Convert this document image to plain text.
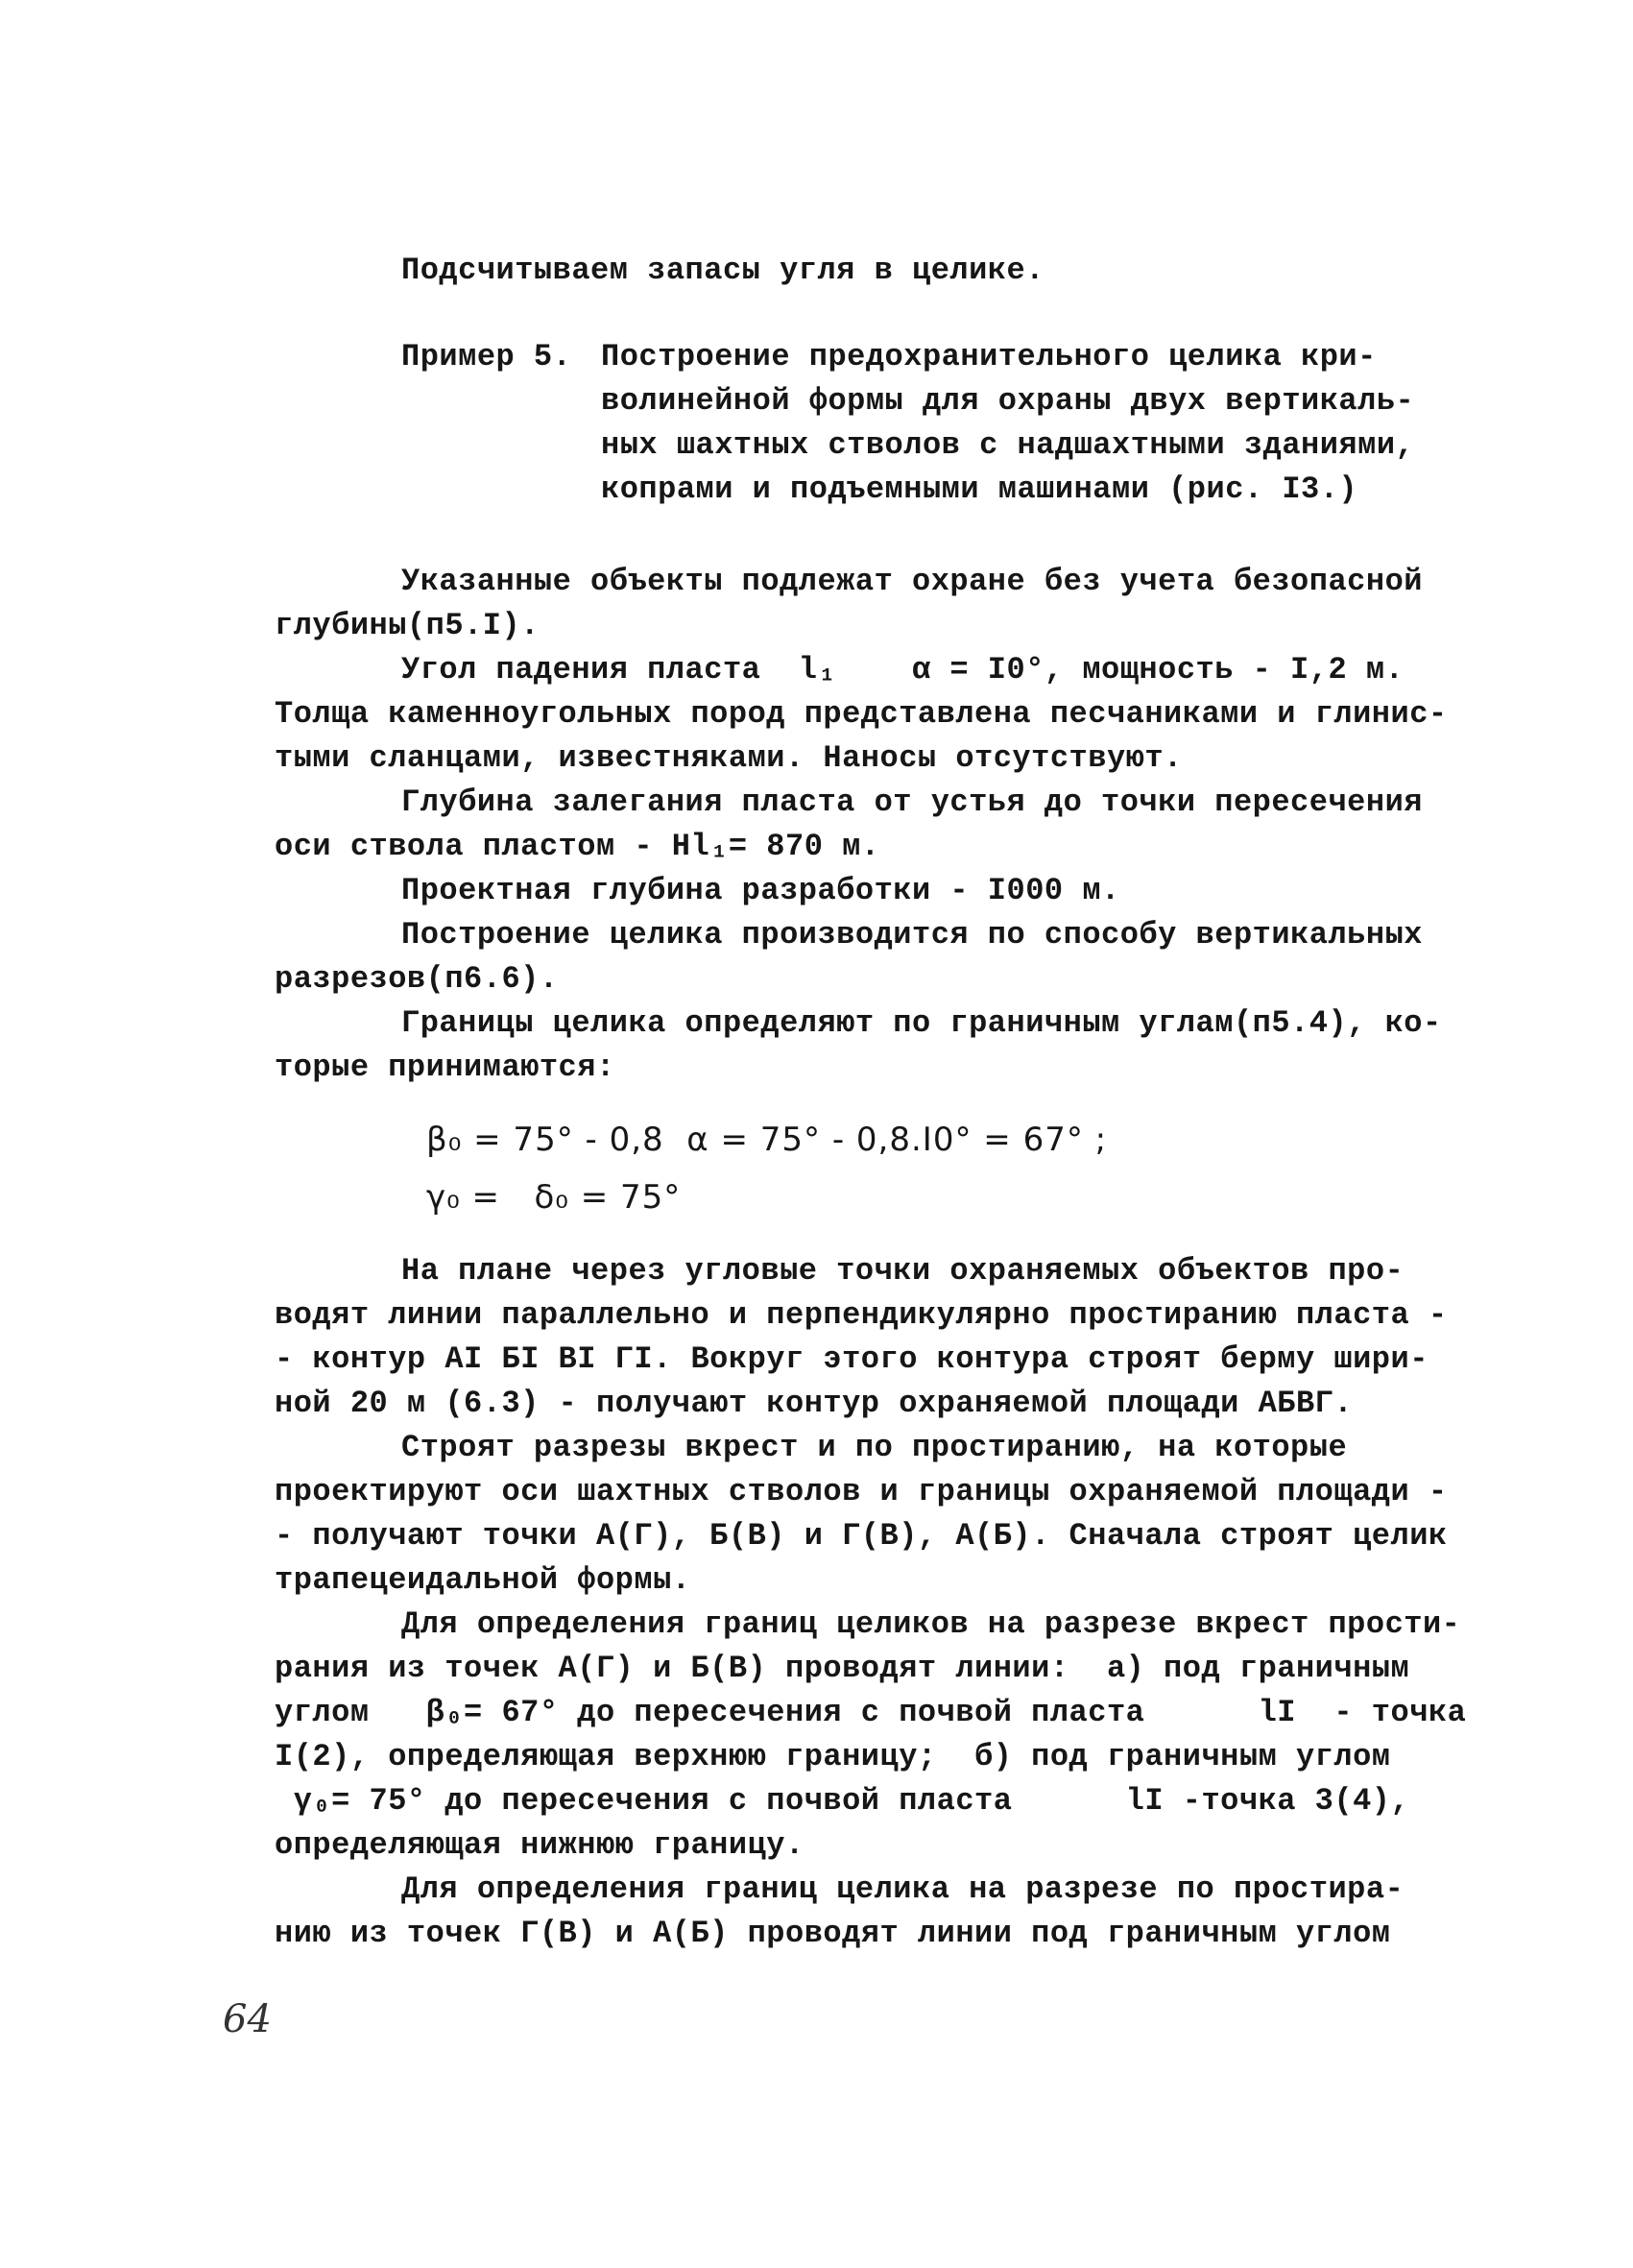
Подсчитываем запасы угля в целике.
Пример 5. Построение предохранительного целика кри-
волинейной формы для охраны двух вертикаль-
ных шахтных стволов с надшахтными зданиями,
копрами и подъемными машинами (рис. I3.)
Указанные объекты подлежат охране без учета безопасной
глубины(п5.I).
Угол падения пласта  l₁    α = I0°, мощность - I,2 м.
Толща каменноугольных пород представлена песчаниками и глинис-
тыми сланцами, известняками. Наносы отсутствуют.
Глубина залегания пласта от устья до точки пересечения
оси ствола пластом - Hl₁= 870 м.
Проектная глубина разработки - I000 м.
Построение целика производится по способу вертикальных
разрезов(п6.6).
Границы целика определяют по граничным углам(п5.4), ко-
торые принимаются:
β₀ = 75° - 0,8  α = 75° - 0,8.I0° = 67° ;
γ₀ =   δ₀ = 75°
На плане через угловые точки охраняемых объектов про-
водят линии параллельно и перпендикулярно простиранию пласта -
- контур AI БI BI ГI. Вокруг этого контура строят берму шири-
ной 20 м (6.3) - получают контур охраняемой площади АБВГ.
Строят разрезы вкрест и по простиранию, на которые
проектируют оси шахтных стволов и границы охраняемой площади -
- получают точки А(Г), Б(В) и Г(В), А(Б). Сначала строят целик
трапецеидальной формы.
Для определения границ целиков на разрезе вкрест прости-
рания из точек А(Г) и Б(В) проводят линии:  а) под граничным
углом   β₀= 67° до пересечения с почвой пласта      lI  - точка
I(2), определяющая верхнюю границу;  б) под граничным углом
γ₀= 75° до пересечения с почвой пласта      lI -точка 3(4),
определяющая нижнюю границу.
Для определения границ целика на разрезе по простира-
нию из точек Г(В) и А(Б) проводят линии под граничным углом
64
